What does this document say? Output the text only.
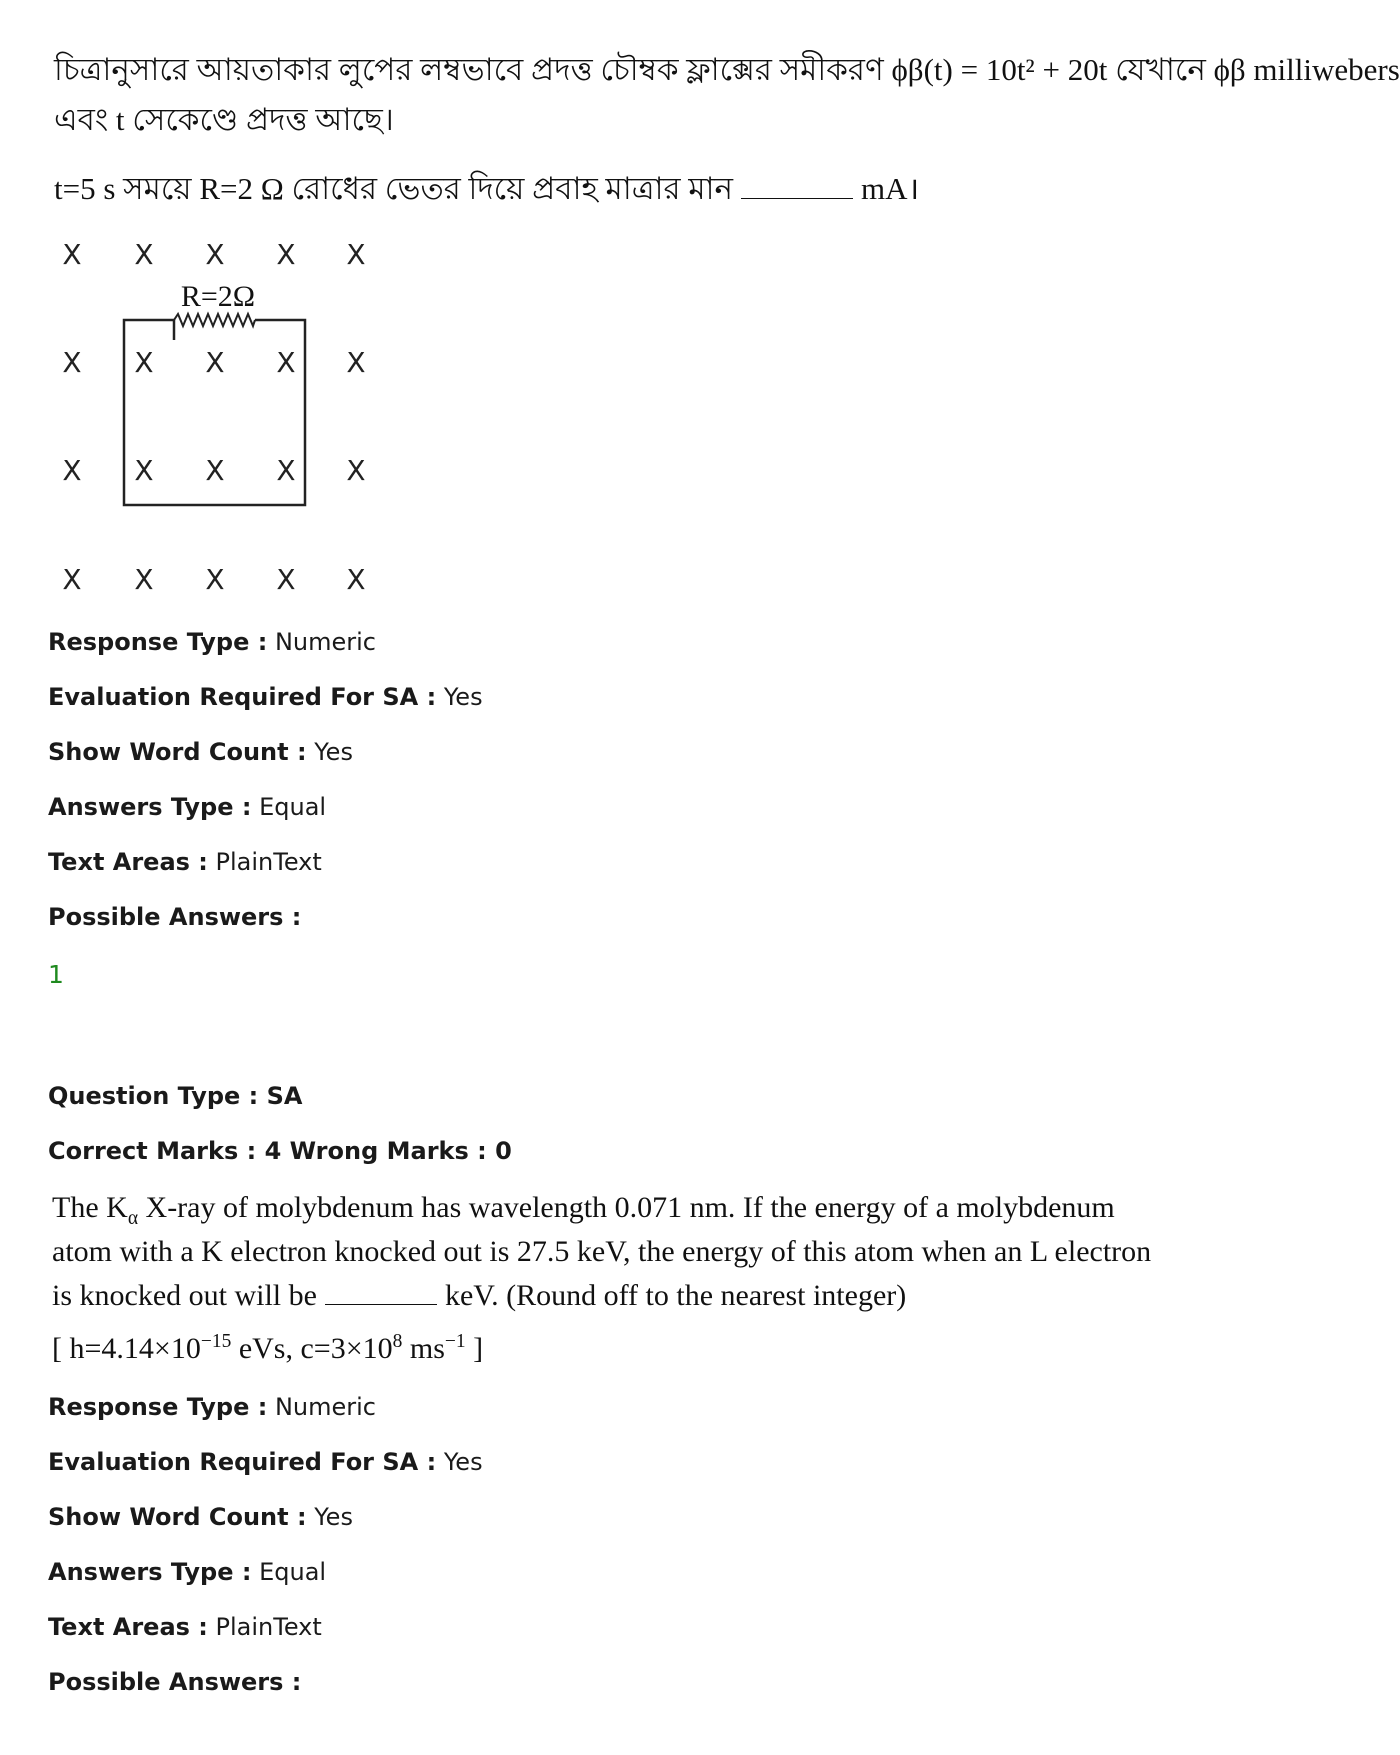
চিত্রানুসারে আয়তাকার লুপের লম্বভাবে প্রদত্ত চৌম্বক ফ্লাক্সের সমীকরণ ϕβ(t) = 10t² + 20t যেখানে ϕβ milliwebers
এবং t সেকেণ্ডে প্রদত্ত আছে।
t=5 s সময়ে R=2 Ω রোধের ভেতর দিয়ে প্রবাহ মাত্রার মান	mA।
X X X X X
X X X X X
X X X X X
X X X X X
R=2Ω
Response Type : Numeric
Evaluation Required For SA : Yes
Show Word Count : Yes
Answers Type : Equal
Text Areas : PlainText
Possible Answers :
1
Question Type : SA
Correct Marks : 4 Wrong Marks : 0
The $K_\alpha$ X-ray of molybdenum has wavelength 0.071 nm. If the energy of a molybdenum
atom with a K electron knocked out is 27.5 keV, the energy of this atom when an L electron
is knocked out will be	keV. (Round off to the nearest integer)
[ $h=4.14\times 10^{-15}$ eVs, $c=3\times 10^8$ $ms^{-1}$ ]
Response Type : Numeric
Evaluation Required For SA : Yes
Show Word Count : Yes
Answers Type : Equal
Text Areas : PlainText
Possible Answers :
